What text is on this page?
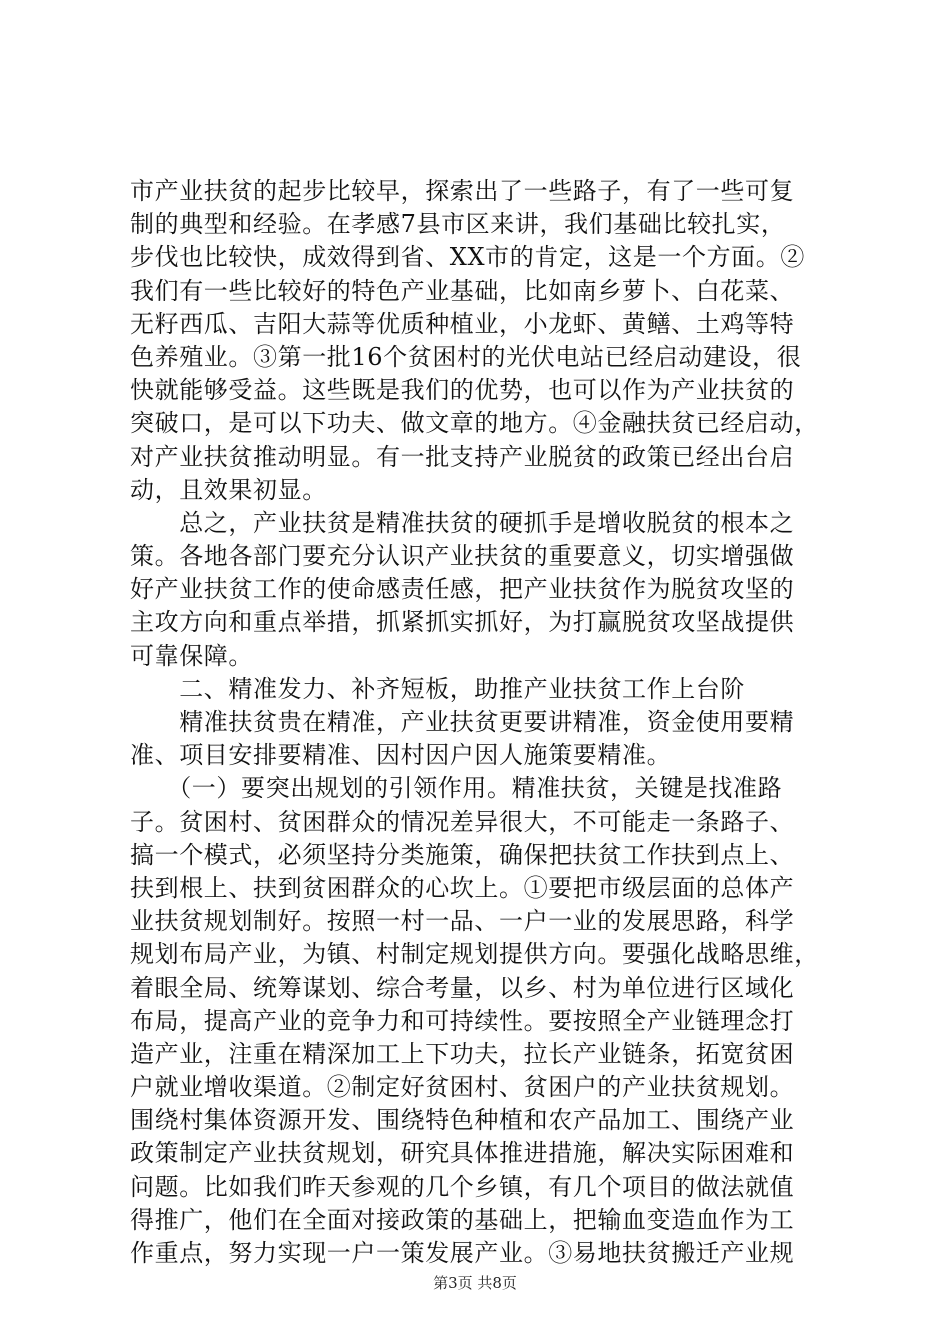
市产业扶贫的起步比较早，探索出了一些路子，有了一些可复
制的典型和经验。在孝感7县市区来讲，我们基础比较扎实，
步伐也比较快，成效得到省、XX市的肯定，这是一个方面。②
我们有一些比较好的特色产业基础，比如南乡萝卜、白花菜、
无籽西瓜、吉阳大蒜等优质种植业，小龙虾、黄鳝、土鸡等特
色养殖业。③第一批16个贫困村的光伏电站已经启动建设，很
快就能够受益。这些既是我们的优势，也可以作为产业扶贫的
突破口，是可以下功夫、做文章的地方。④金融扶贫已经启动，
对产业扶贫推动明显。有一批支持产业脱贫的政策已经出台启
动，且效果初显。
　　总之，产业扶贫是精准扶贫的硬抓手是增收脱贫的根本之
策。各地各部门要充分认识产业扶贫的重要意义，切实增强做
好产业扶贫工作的使命感责任感，把产业扶贫作为脱贫攻坚的
主攻方向和重点举措，抓紧抓实抓好，为打赢脱贫攻坚战提供
可靠保障。
　　二、精准发力、补齐短板，助推产业扶贫工作上台阶
　　精准扶贫贵在精准，产业扶贫更要讲精准，资金使用要精
准、项目安排要精准、因村因户因人施策要精准。
　　（一）要突出规划的引领作用。精准扶贫，关键是找准路
子。贫困村、贫困群众的情况差异很大，不可能走一条路子、
搞一个模式，必须坚持分类施策，确保把扶贫工作扶到点上、
扶到根上、扶到贫困群众的心坎上。①要把市级层面的总体产
业扶贫规划制好。按照一村一品、一户一业的发展思路，科学
规划布局产业，为镇、村制定规划提供方向。要强化战略思维，
着眼全局、统筹谋划、综合考量，以乡、村为单位进行区域化
布局，提高产业的竞争力和可持续性。要按照全产业链理念打
造产业，注重在精深加工上下功夫，拉长产业链条，拓宽贫困
户就业增收渠道。②制定好贫困村、贫困户的产业扶贫规划。
围绕村集体资源开发、围绕特色种植和农产品加工、围绕产业
政策制定产业扶贫规划，研究具体推进措施，解决实际困难和
问题。比如我们昨天参观的几个乡镇，有几个项目的做法就值
得推广，他们在全面对接政策的基础上，把输血变造血作为工
作重点，努力实现一户一策发展产业。③易地扶贫搬迁产业规
第3页 共8页
